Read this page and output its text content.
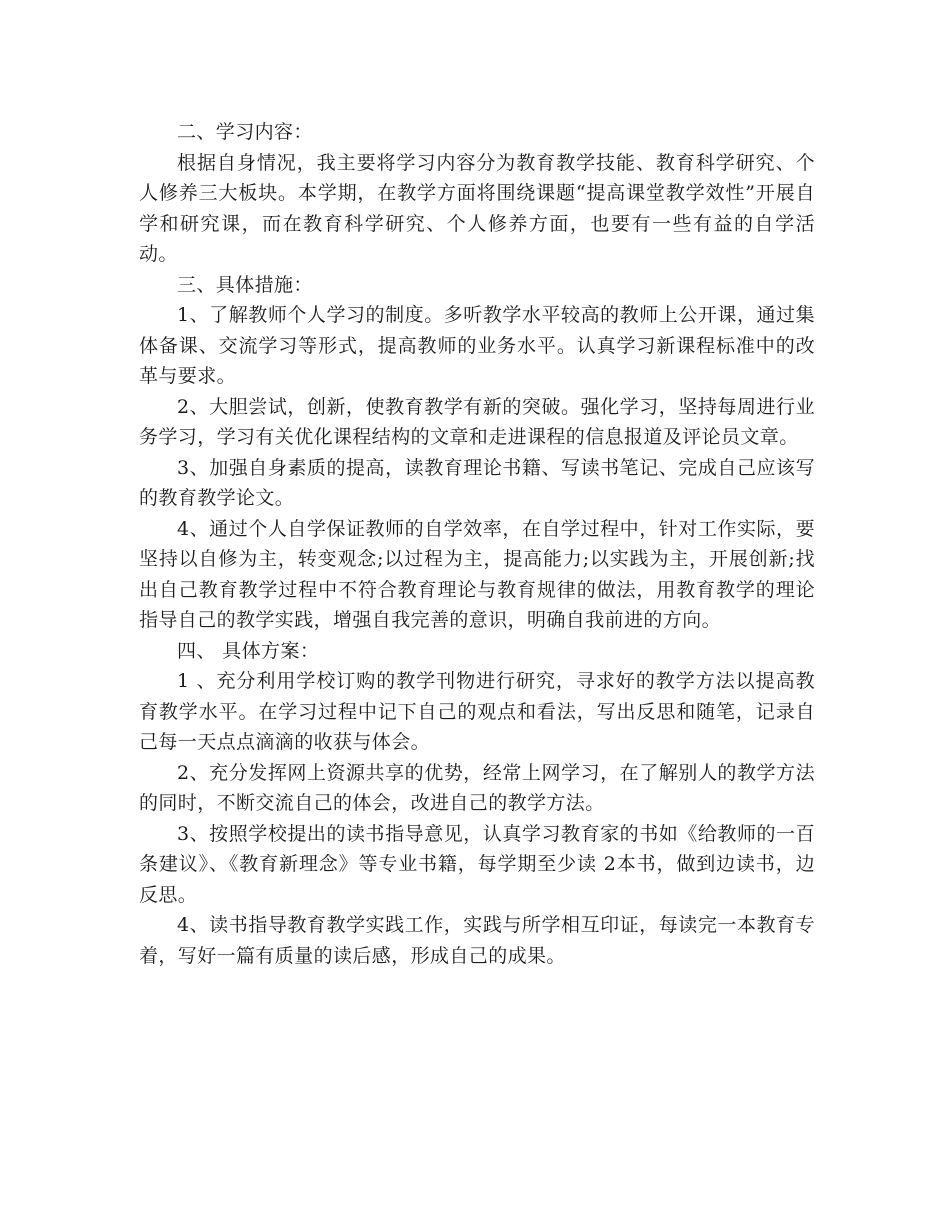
二、学习内容：

根据自身情况，我主要将学习内容分为教育教学技能、教育科学研究、个人修养三大板块。本学期，在教学方面将围绕课题“提高课堂教学效性”开展自学和研究课，而在教育科学研究、个人修养方面，也要有一些有益的自学活动。

三、具体措施：

1、了解教师个人学习的制度。多听教学水平较高的教师上公开课，通过集体备课、交流学习等形式，提高教师的业务水平。认真学习新课程标准中的改革与要求。

2、大胆尝试，创新，使教育教学有新的突破。强化学习，坚持每周进行业务学习，学习有关优化课程结构的文章和走进课程的信息报道及评论员文章。

3、加强自身素质的提高，读教育理论书籍、写读书笔记、完成自己应该写的教育教学论文。

4、通过个人自学保证教师的自学效率，在自学过程中，针对工作实际，要坚持以自修为主，转变观念;以过程为主，提高能力;以实践为主，开展创新;找出自己教育教学过程中不符合教育理论与教育规律的做法，用教育教学的理论指导自己的教学实践，增强自我完善的意识，明确自我前进的方向。

四、 具体方案：

1 、充分利用学校订购的教学刊物进行研究，寻求好的教学方法以提高教育教学水平。在学习过程中记下自己的观点和看法，写出反思和随笔，记录自己每一天点点滴滴的收获与体会。

2、充分发挥网上资源共享的优势，经常上网学习，在了解别人的教学方法的同时，不断交流自己的体会，改进自己的教学方法。

3、按照学校提出的读书指导意见，认真学习教育家的书如《给教师的一百条建议》、《教育新理念》等专业书籍，每学期至少读 2本书，做到边读书，边反思。

4、读书指导教育教学实践工作，实践与所学相互印证，每读完一本教育专着，写好一篇有质量的读后感，形成自己的成果。
